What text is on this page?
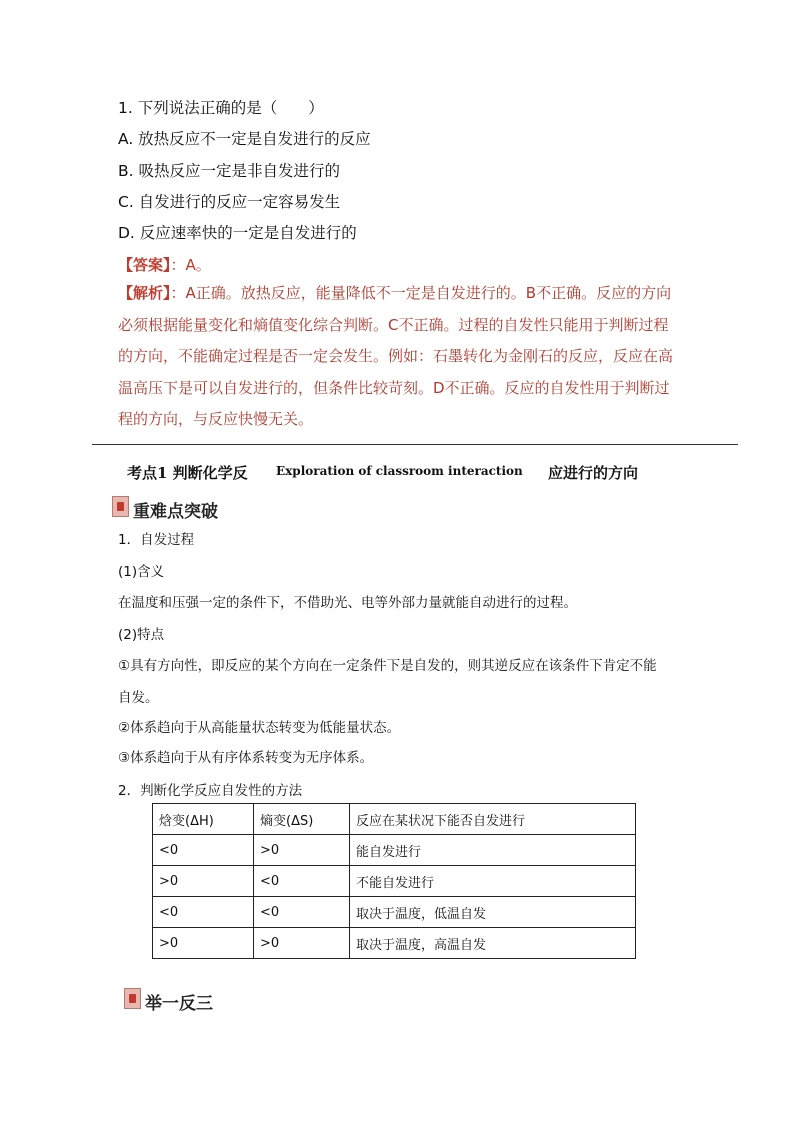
1. 下列说法正确的是（　　）
A. 放热反应不一定是自发进行的反应
B. 吸热反应一定是非自发进行的
C. 自发进行的反应一定容易发生
D. 反应速率快的一定是自发进行的
【答案】：A。
【解析】：A正确。放热反应，能量降低不一定是自发进行的。B不正确。反应的方向必须根据能量变化和熵值变化综合判断。C不正确。过程的自发性只能用于判断过程的方向，不能确定过程是否一定会发生。例如：石墨转化为金刚石的反应，反应在高温高压下是可以自发进行的，但条件比较苛刻。D不正确。反应的自发性用于判断过程的方向，与反应快慢无关。
考点1 判断化学反 Exploration of classroom interaction 应进行的方向
重难点突破
1．自发过程
(1)含义
在温度和压强一定的条件下，不借助光、电等外部力量就能自动进行的过程。
(2)特点
①具有方向性，即反应的某个方向在一定条件下是自发的，则其逆反应在该条件下肯定不能
自发。
②体系趋向于从高能量状态转变为低能量状态。
③体系趋向于从有序体系转变为无序体系。
2．判断化学反应自发性的方法
焓变(ΔH)	熵变(ΔS)	反应在某状况下能否自发进行
<0	>0	能自发进行
>0	<0	不能自发进行
<0	<0	取决于温度，低温自发
>0	>0	取决于温度，高温自发
举一反三
